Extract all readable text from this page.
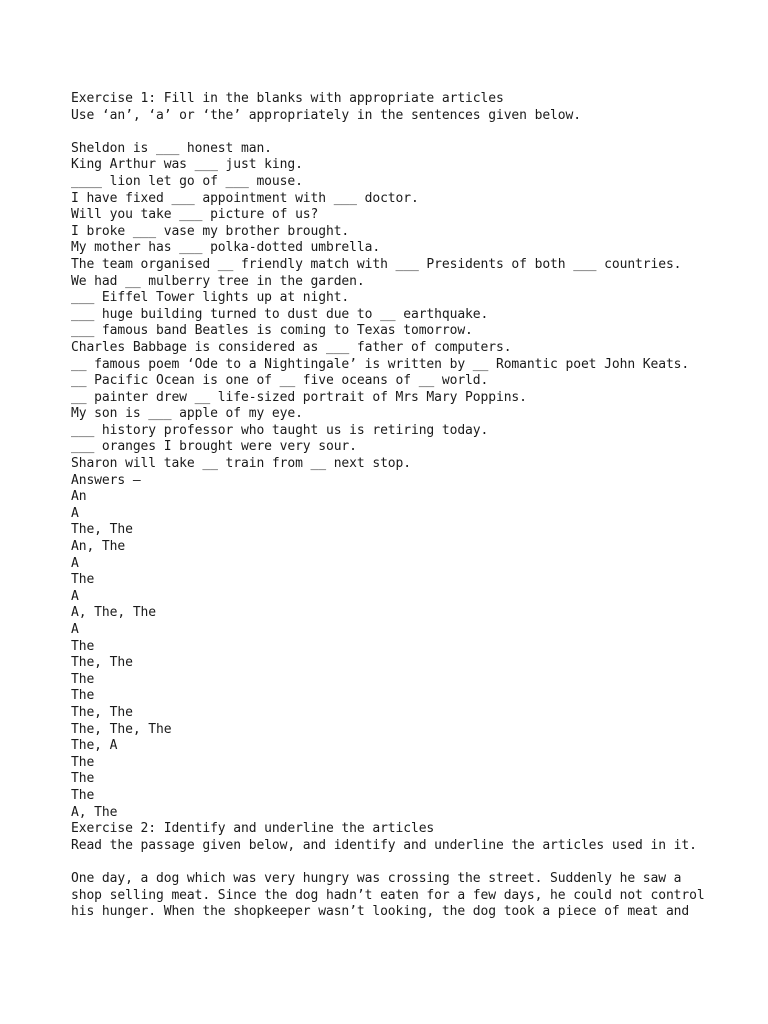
Exercise 1: Fill in the blanks with appropriate articles
Use ‘an’, ‘a’ or ‘the’ appropriately in the sentences given below.
Sheldon is ___ honest man.
King Arthur was ___ just king.
____ lion let go of ___ mouse.
I have fixed ___ appointment with ___ doctor.
Will you take ___ picture of us?
I broke ___ vase my brother brought.
My mother has ___ polka-dotted umbrella.
The team organised __ friendly match with ___ Presidents of both ___ countries.
We had __ mulberry tree in the garden.
___ Eiffel Tower lights up at night.
___ huge building turned to dust due to __ earthquake.
___ famous band Beatles is coming to Texas tomorrow.
Charles Babbage is considered as ___ father of computers.
__ famous poem ‘Ode to a Nightingale’ is written by __ Romantic poet John Keats.
__ Pacific Ocean is one of __ five oceans of __ world.
__ painter drew __ life-sized portrait of Mrs Mary Poppins.
My son is ___ apple of my eye.
___ history professor who taught us is retiring today.
___ oranges I brought were very sour.
Sharon will take __ train from __ next stop.
Answers –
An
A
The, The
An, The
A
The
A
A, The, The
A
The
The, The
The
The
The, The
The, The, The
The, A
The
The
The
A, The
Exercise 2: Identify and underline the articles
Read the passage given below, and identify and underline the articles used in it.
One day, a dog which was very hungry was crossing the street. Suddenly he saw a
shop selling meat. Since the dog hadn’t eaten for a few days, he could not control
his hunger. When the shopkeeper wasn’t looking, the dog took a piece of meat and
